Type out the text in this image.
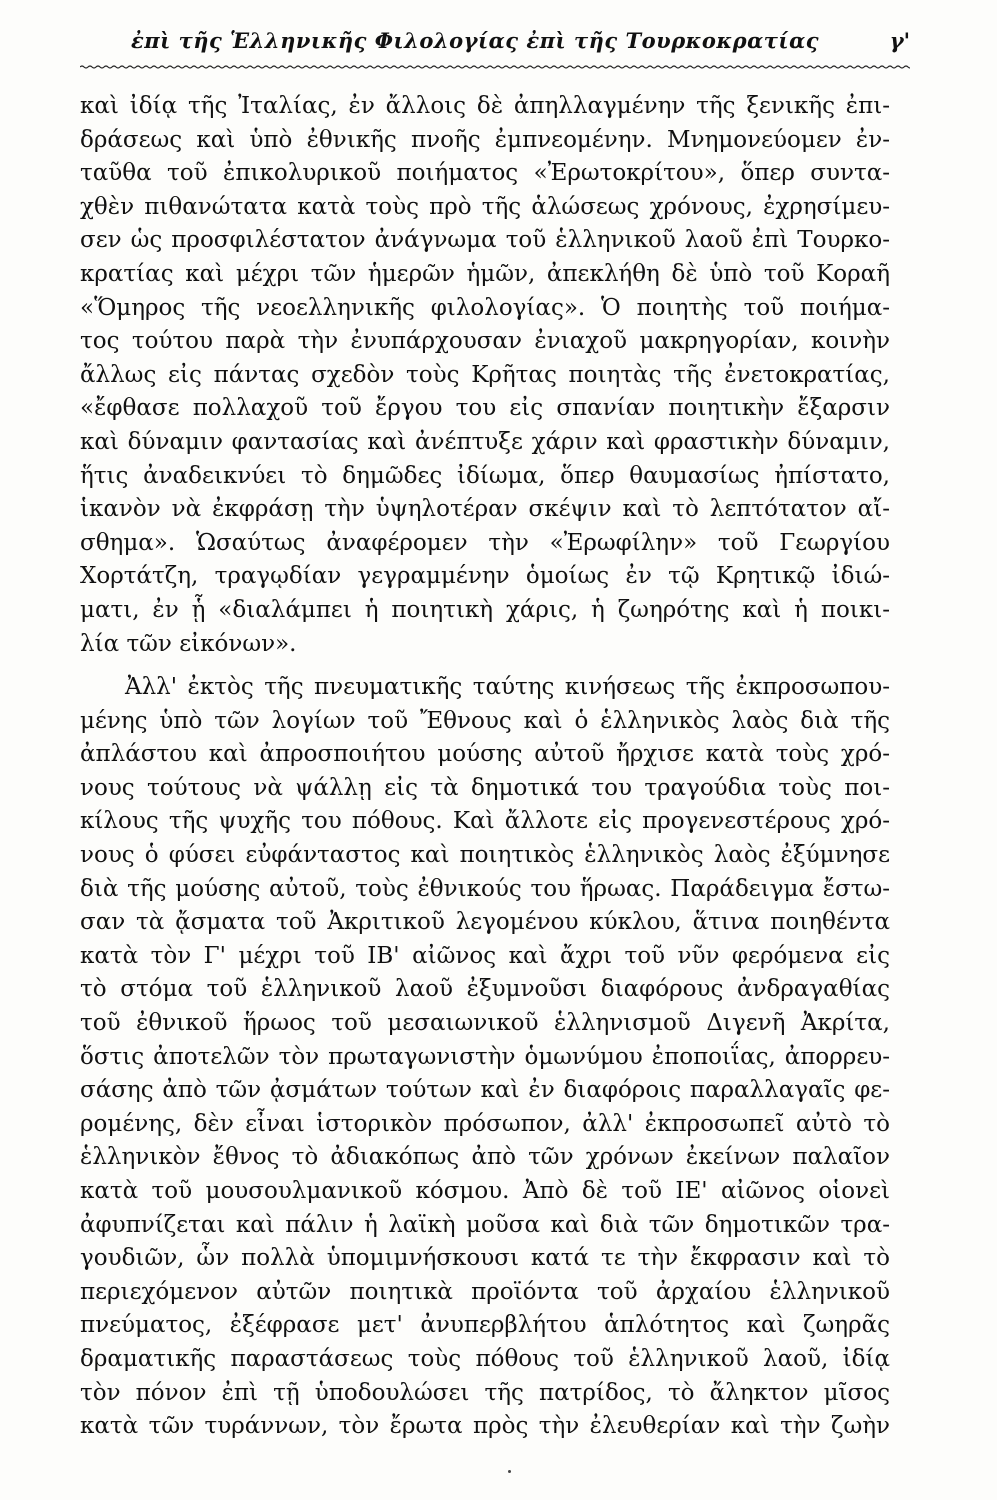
ἐπὶ τῆς Ἑλληνικῆς Φιλολογίας ἐπὶ τῆς Τουρκοκρατίας	γ'
καὶ ἰδίᾳ τῆς Ἰταλίας, ἐν ἄλλοις δὲ ἀπηλλαγμένην τῆς ξενικῆς ἐπι-
δράσεως καὶ ὑπὸ ἐθνικῆς πνοῆς ἐμπνεομένην. Μνημονεύομεν ἐν-
ταῦθα τοῦ ἐπικολυρικοῦ ποιήματος «Ἐρωτοκρίτου», ὅπερ συντα-
χθὲν πιθανώτατα κατὰ τοὺς πρὸ τῆς ἁλώσεως χρόνους, ἐχρησίμευ-
σεν ὡς προσφιλέστατον ἀνάγνωμα τοῦ ἑλληνικοῦ λαοῦ ἐπὶ Τουρκο-
κρατίας καὶ μέχρι τῶν ἡμερῶν ἡμῶν, ἀπεκλήθη δὲ ὑπὸ τοῦ Κοραῆ
«Ὅμηρος τῆς νεοελληνικῆς φιλολογίας». Ὁ ποιητὴς τοῦ ποιήμα-
τος τούτου παρὰ τὴν ἐνυπάρχουσαν ἐνιαχοῦ μακρηγορίαν, κοινὴν
ἄλλως εἰς πάντας σχεδὸν τοὺς Κρῆτας ποιητὰς τῆς ἐνετοκρατίας,
«ἔφθασε πολλαχοῦ τοῦ ἔργου του εἰς σπανίαν ποιητικὴν ἔξαρσιν
καὶ δύναμιν φαντασίας καὶ ἀνέπτυξε χάριν καὶ φραστικὴν δύναμιν,
ἥτις ἀναδεικνύει τὸ δημῶδες ἰδίωμα, ὅπερ θαυμασίως ἠπίστατο,
ἱκανὸν νὰ ἐκφράσῃ τὴν ὑψηλοτέραν σκέψιν καὶ τὸ λεπτότατον αἴ-
σθημα». Ὡσαύτως ἀναφέρομεν τὴν «Ἐρωφίλην» τοῦ Γεωργίου
Χορτάτζη, τραγῳδίαν γεγραμμένην ὁμοίως ἐν τῷ Κρητικῷ ἰδιώ-
ματι, ἐν ᾗ «διαλάμπει ἡ ποιητικὴ χάρις, ἡ ζωηρότης καὶ ἡ ποικι-
λία τῶν εἰκόνων».
Ἀλλ' ἐκτὸς τῆς πνευματικῆς ταύτης κινήσεως τῆς ἐκπροσωπου-
μένης ὑπὸ τῶν λογίων τοῦ Ἔθνους καὶ ὁ ἑλληνικὸς λαὸς διὰ τῆς
ἀπλάστου καὶ ἀπροσποιήτου μούσης αὐτοῦ ἤρχισε κατὰ τοὺς χρό-
νους τούτους νὰ ψάλλῃ εἰς τὰ δημοτικά του τραγούδια τοὺς ποι-
κίλους τῆς ψυχῆς του πόθους. Καὶ ἄλλοτε εἰς προγενεστέρους χρό-
νους ὁ φύσει εὐφάνταστος καὶ ποιητικὸς ἑλληνικὸς λαὸς ἐξύμνησε
διὰ τῆς μούσης αὐτοῦ, τοὺς ἐθνικούς του ἥρωας. Παράδειγμα ἔστω-
σαν τὰ ᾄσματα τοῦ Ἀκριτικοῦ λεγομένου κύκλου, ἅτινα ποιηθέντα
κατὰ τὸν Γ' μέχρι τοῦ ΙΒ' αἰῶνος καὶ ἄχρι τοῦ νῦν φερόμενα εἰς
τὸ στόμα τοῦ ἑλληνικοῦ λαοῦ ἐξυμνοῦσι διαφόρους ἀνδραγαθίας
τοῦ ἐθνικοῦ ἥρωος τοῦ μεσαιωνικοῦ ἑλληνισμοῦ Διγενῆ Ἀκρίτα,
ὅστις ἀποτελῶν τὸν πρωταγωνιστὴν ὁμωνύμου ἐποποιΐας, ἀπορρευ-
σάσης ἀπὸ τῶν ᾀσμάτων τούτων καὶ ἐν διαφόροις παραλλαγαῖς φε-
ρομένης, δὲν εἶναι ἱστορικὸν πρόσωπον, ἀλλ' ἐκπροσωπεῖ αὐτὸ τὸ
ἑλληνικὸν ἔθνος τὸ ἀδιακόπως ἀπὸ τῶν χρόνων ἐκείνων παλαῖον
κατὰ τοῦ μουσουλμανικοῦ κόσμου. Ἀπὸ δὲ τοῦ ΙΕ' αἰῶνος οἱονεὶ
ἀφυπνίζεται καὶ πάλιν ἡ λαϊκὴ μοῦσα καὶ διὰ τῶν δημοτικῶν τρα-
γουδιῶν, ὧν πολλὰ ὑπομιμνήσκουσι κατά τε τὴν ἔκφρασιν καὶ τὸ
περιεχόμενον αὐτῶν ποιητικὰ προϊόντα τοῦ ἀρχαίου ἑλληνικοῦ
πνεύματος, ἐξέφρασε μετ' ἀνυπερβλήτου ἁπλότητος καὶ ζωηρᾶς
δραματικῆς παραστάσεως τοὺς πόθους τοῦ ἑλληνικοῦ λαοῦ, ἰδίᾳ
τὸν πόνον ἐπὶ τῇ ὑποδουλώσει τῆς πατρίδος, τὸ ἄληκτον μῖσος
κατὰ τῶν τυράννων, τὸν ἔρωτα πρὸς τὴν ἐλευθερίαν καὶ τὴν ζωὴν
